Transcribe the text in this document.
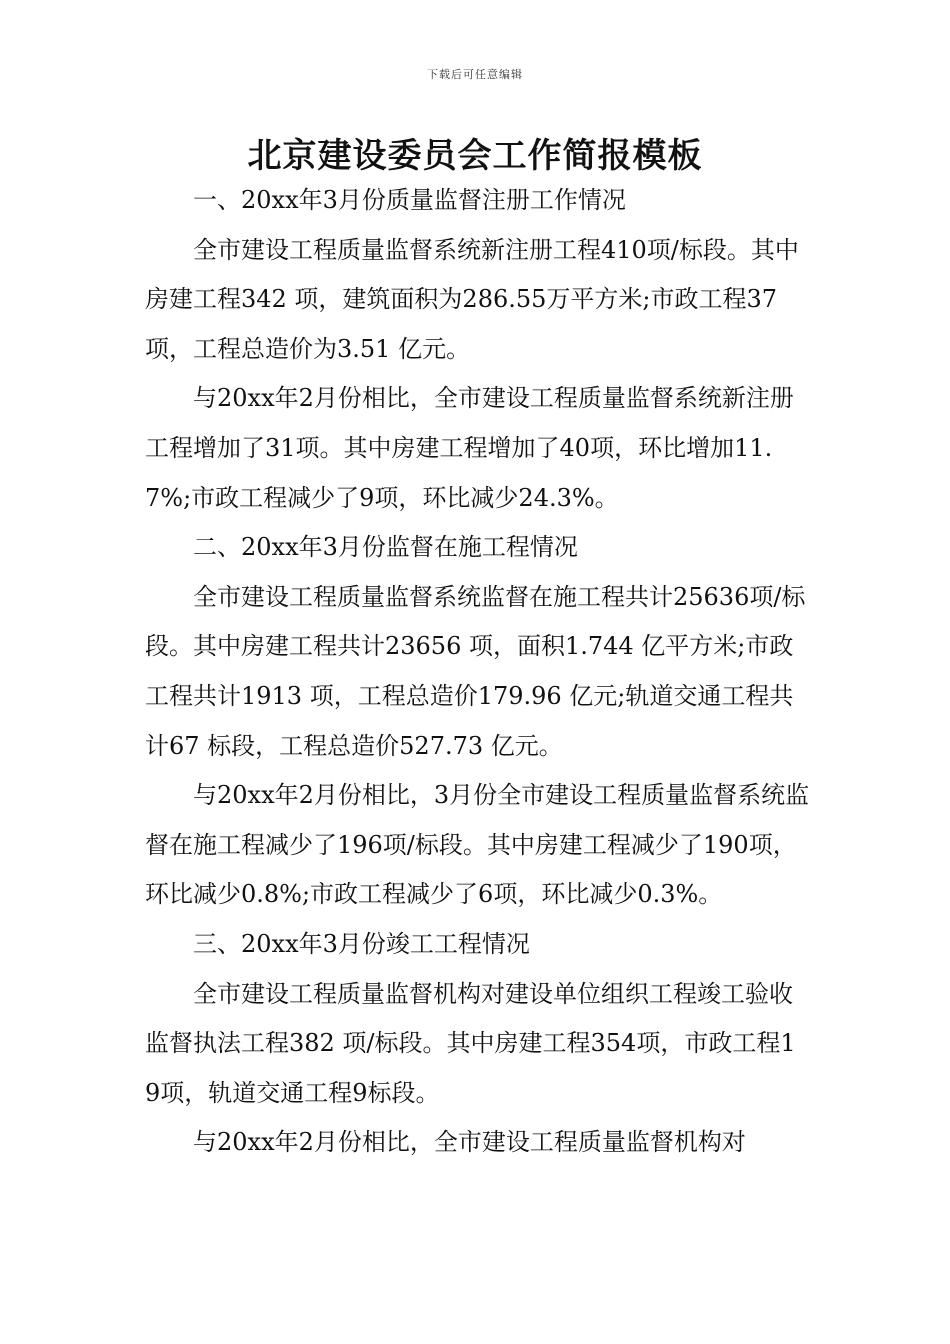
下载后可任意编辑
北京建设委员会工作简报模板

一、20xx年3月份质量监督注册工作情况

全市建设工程质量监督系统新注册工程410项/标段。其中房建工程342 项，建筑面积为286.55万平方米;市政工程37 项，工程总造价为3.51 亿元。

与20xx年2月份相比，全市建设工程质量监督系统新注册工程增加了31项。其中房建工程增加了40项，环比增加11.7%;市政工程减少了9项，环比减少24.3%。

二、20xx年3月份监督在施工程情况

全市建设工程质量监督系统监督在施工程共计25636项/标段。其中房建工程共计23656 项，面积1.744 亿平方米;市政工程共计1913 项，工程总造价179.96 亿元;轨道交通工程共计67 标段，工程总造价527.73 亿元。

与20xx年2月份相比，3月份全市建设工程质量监督系统监督在施工程减少了196项/标段。其中房建工程减少了190项，环比减少0.8%;市政工程减少了6项，环比减少0.3%。

三、20xx年3月份竣工工程情况

全市建设工程质量监督机构对建设单位组织工程竣工验收监督执法工程382 项/标段。其中房建工程354项，市政工程19项，轨道交通工程9标段。

与20xx年2月份相比，全市建设工程质量监督机构对
